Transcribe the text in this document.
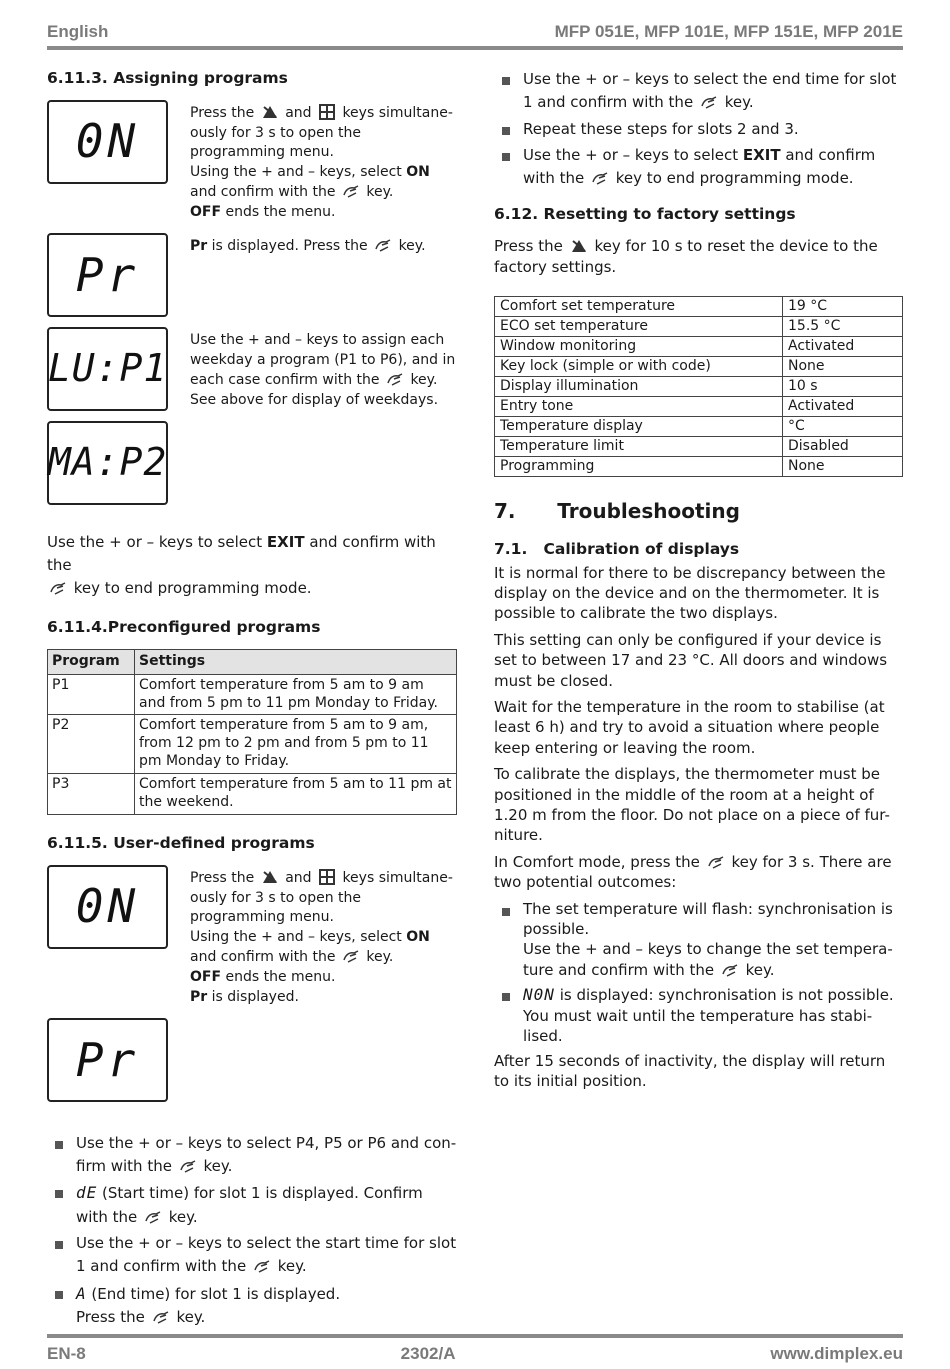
English	MFP 051E, MFP 101E, MFP 151E, MFP 201E
6.11.3. Assigning programs
0N
Press the and keys simultane-ously for 3 s to open the programming menu.
Using the + and – keys, select ON and confirm with the key.
OFF ends the menu.
Pr
Pr is displayed. Press the key.
LU:P1
Use the + and – keys to assign each weekday a program (P1 to P6), and in each case confirm with the key.
See above for display of weekdays.
MA:P2

Use the + or – keys to select EXIT and confirm with the
key to end programming mode.

6.11.4.Preconfigured programs
Program	Settings
P1	Comfort temperature from 5 am to 9 am and from 5 pm to 11 pm Monday to Friday.
P2	Comfort temperature from 5 am to 9 am, from 12 pm to 2 pm and from 5 pm to 11 pm Monday to Friday.
P3	Comfort temperature from 5 am to 11 pm at the weekend.
6.11.5. User-defined programs
0N
Press the and keys simultane-ously for 3 s to open the programming menu.
Using the + and – keys, select ON and confirm with the key.
OFF ends the menu.
Pr is displayed.
Pr
Use the + or – keys to select P4, P5 or P6 and con-firm with the key.
dE (Start time) for slot 1 is displayed. Confirm with the key.
Use the + or – keys to select the start time for slot 1 and confirm with the key.
A (End time) for slot 1 is displayed.
Press the key.
Use the + or – keys to select the end time for slot 1 and confirm with the key.
Repeat these steps for slots 2 and 3.
Use the + or – keys to select EXIT and confirm with the key to end programming mode.
6.12. Resetting to factory settings

Press the key for 10 s to reset the device to the factory settings.

Comfort set temperature	19 °C
ECO set temperature	15.5 °C
Window monitoring	Activated
Key lock (simple or with code)	None
Display illumination	10 s
Entry tone	Activated
Temperature display	°C
Temperature limit	Disabled
Programming	None
7.      Troubleshooting
7.1.   Calibration of displays

It is normal for there to be discrepancy between the display on the device and on the thermometer. It is possible to calibrate the two displays.

This setting can only be configured if your device is set to between 17 and 23 °C. All doors and windows must be closed.

Wait for the temperature in the room to stabilise (at least 6 h) and try to avoid a situation where people keep entering or leaving the room.

To calibrate the displays, the thermometer must be positioned in the middle of the room at a height of 1.20 m from the floor. Do not place on a piece of fur-niture.

In Comfort mode, press the key for 3 s. There are two potential outcomes:

The set temperature will flash: synchronisation is possible.
Use the + and – keys to change the set tempera-ture and confirm with the key.
N0N is displayed: synchronisation is not possible. You must wait until the temperature has stabi-lised.

After 15 seconds of inactivity, the display will return to its initial position.

EN-8	2302/A	www.dimplex.eu
